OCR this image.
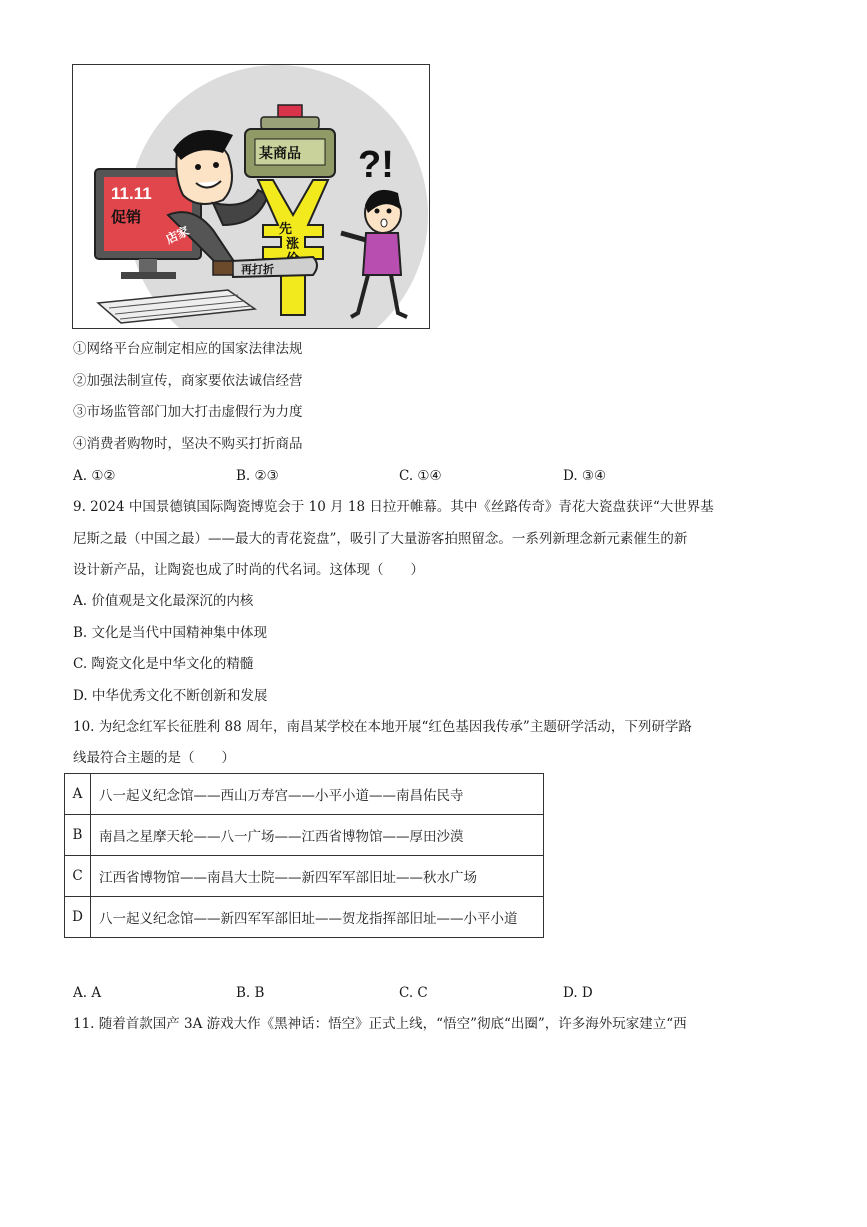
11.11
促销
店家
某商品
先涨
再打折
?!
①网络平台应制定相应的国家法律法规
②加强法制宣传，商家要依法诚信经营
③市场监管部门加大打击虚假行为力度
④消费者购物时，坚决不购买打折商品
A. ①②	B. ②③	C. ①④	D. ③④
9. 2024 中国景德镇国际陶瓷博览会于 10 月 18 日拉开帷幕。其中《丝路传奇》青花大瓷盘获评“大世界基
尼斯之最（中国之最）——最大的青花瓷盘”，吸引了大量游客拍照留念。一系列新理念新元素催生的新
设计新产品，让陶瓷也成了时尚的代名词。这体现（　　）
A. 价值观是文化最深沉的内核
B. 文化是当代中国精神集中体现
C. 陶瓷文化是中华文化的精髓
D. 中华优秀文化不断创新和发展
10. 为纪念红军长征胜利 88 周年，南昌某学校在本地开展“红色基因我传承”主题研学活动，下列研学路
线最符合主题的是（　　）
A	八一起义纪念馆——西山万寿宫——小平小道——南昌佑民寺
B	南昌之星摩天轮——八一广场——江西省博物馆——厚田沙漠
C	江西省博物馆——南昌大士院——新四军军部旧址——秋水广场
D	八一起义纪念馆——新四军军部旧址——贺龙指挥部旧址——小平小道
A. A	B. B	C. C	D. D
11. 随着首款国产 3A 游戏大作《黑神话：悟空》正式上线，“悟空”彻底“出圈”，许多海外玩家建立“西
